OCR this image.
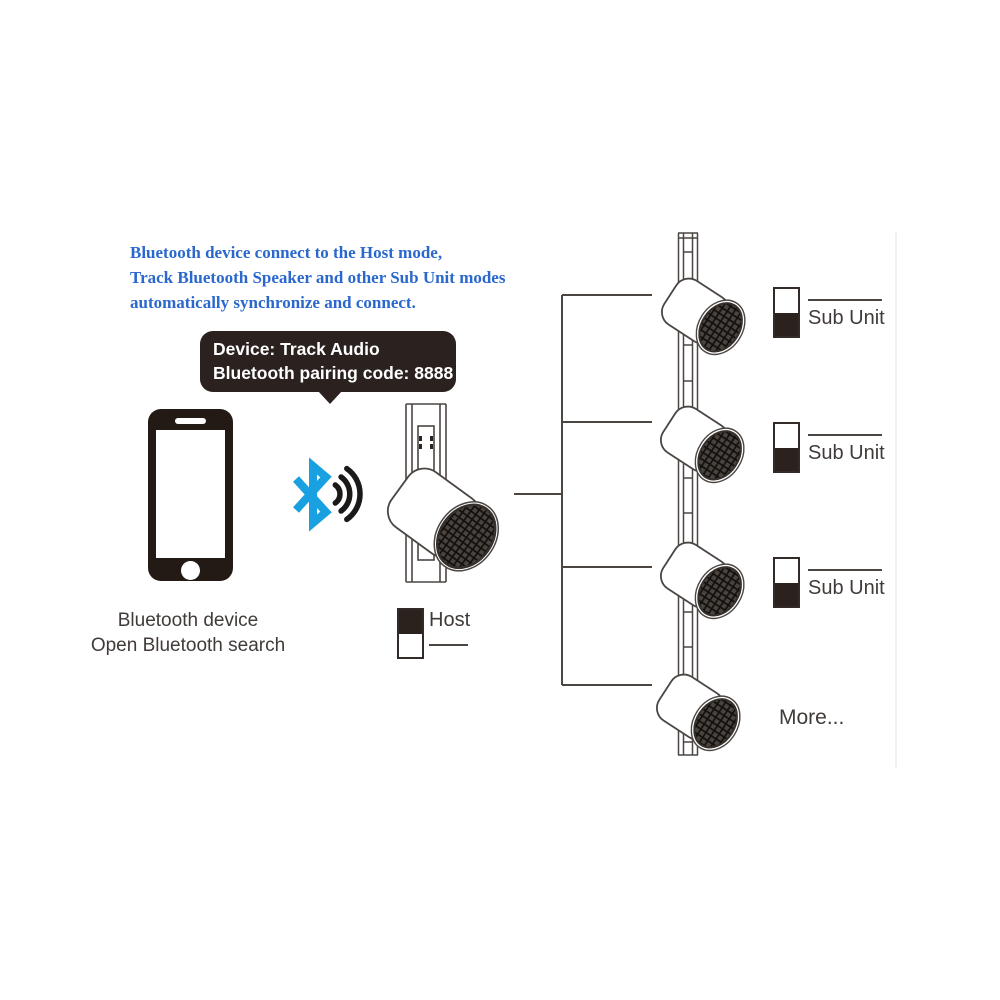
Bluetooth device connect to the Host mode,
Track Bluetooth Speaker and other Sub Unit modes
automatically synchronize and connect.
Device: Track Audio
Bluetooth pairing code: 8888
Bluetooth device
Open Bluetooth search
Host
Sub Unit
Sub Unit
Sub Unit
More...
